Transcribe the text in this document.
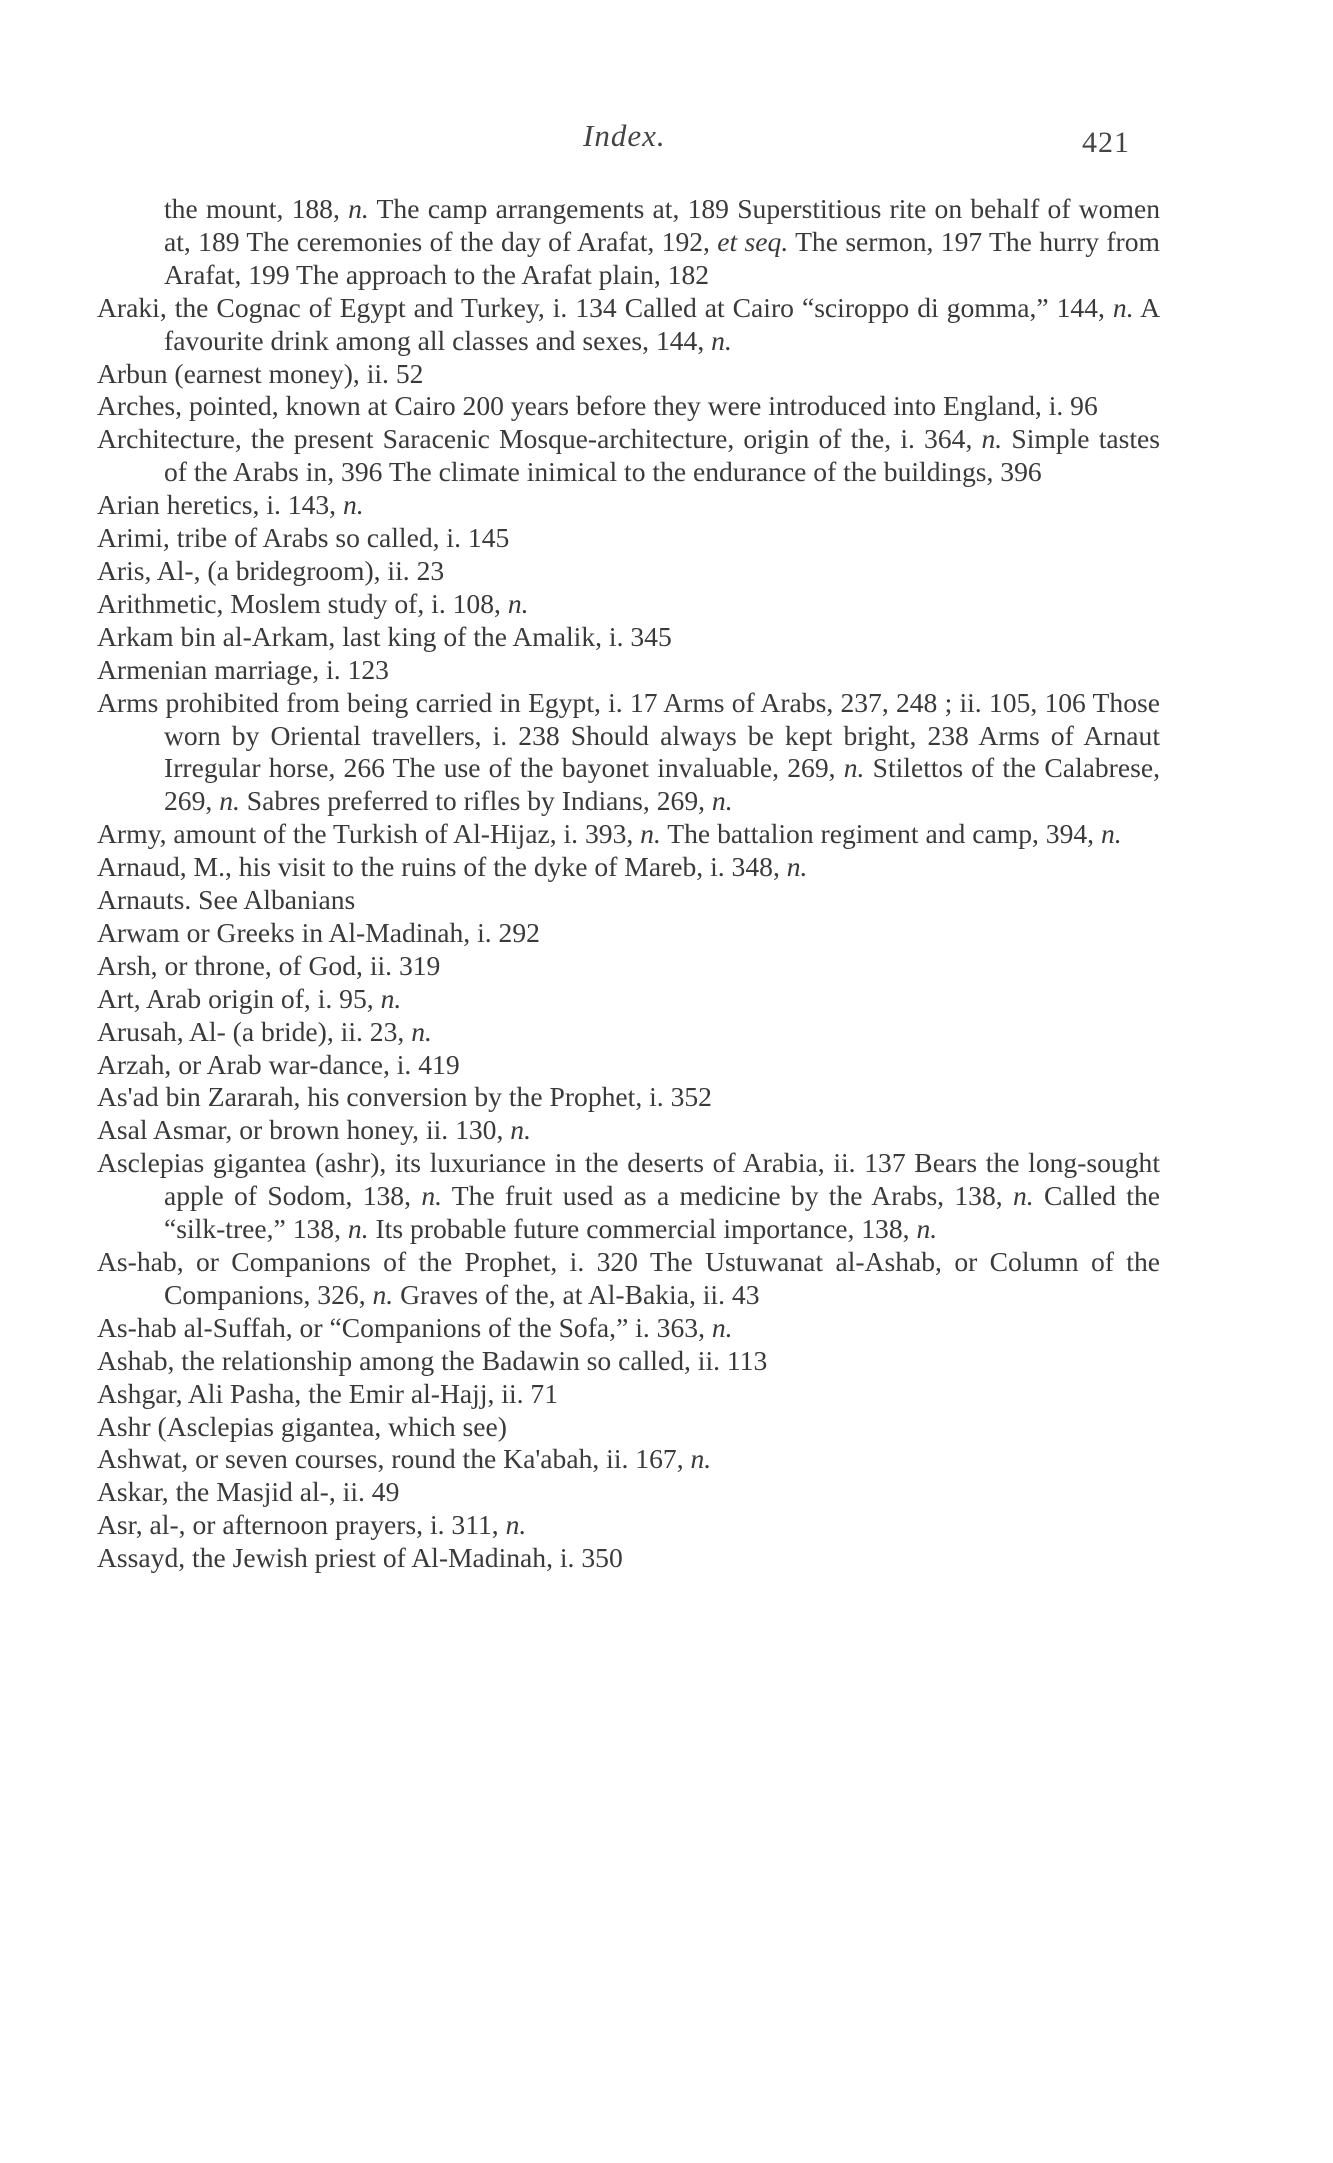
Index.	421
the mount, 188, n. The camp arrangements at, 189 Superstitious rite on behalf of women at, 189 The ceremonies of the day of Arafat, 192, et seq. The sermon, 197 The hurry from Arafat, 199 The approach to the Arafat plain, 182
Araki, the Cognac of Egypt and Turkey, i. 134 Called at Cairo “sciroppo di gomma,” 144, n. A favourite drink among all classes and sexes, 144, n.
Arbun (earnest money), ii. 52
Arches, pointed, known at Cairo 200 years before they were introduced into England, i. 96
Architecture, the present Saracenic Mosque-architecture, origin of the, i. 364, n. Simple tastes of the Arabs in, 396 The climate inimical to the endurance of the buildings, 396
Arian heretics, i. 143, n.
Arimi, tribe of Arabs so called, i. 145
Aris, Al-, (a bridegroom), ii. 23
Arithmetic, Moslem study of, i. 108, n.
Arkam bin al-Arkam, last king of the Amalik, i. 345
Armenian marriage, i. 123
Arms prohibited from being carried in Egypt, i. 17 Arms of Arabs, 237, 248 ; ii. 105, 106 Those worn by Oriental travellers, i. 238 Should always be kept bright, 238 Arms of Arnaut Irregular horse, 266 The use of the bayonet invaluable, 269, n. Stilettos of the Calabrese, 269, n. Sabres preferred to rifles by Indians, 269, n.
Army, amount of the Turkish of Al-Hijaz, i. 393, n. The battalion regiment and camp, 394, n.
Arnaud, M., his visit to the ruins of the dyke of Mareb, i. 348, n.
Arnauts. See Albanians
Arwam or Greeks in Al-Madinah, i. 292
Arsh, or throne, of God, ii. 319
Art, Arab origin of, i. 95, n.
Arusah, Al- (a bride), ii. 23, n.
Arzah, or Arab war-dance, i. 419
As'ad bin Zararah, his conversion by the Prophet, i. 352
Asal Asmar, or brown honey, ii. 130, n.
Asclepias gigantea (ashr), its luxuriance in the deserts of Arabia, ii. 137 Bears the long-sought apple of Sodom, 138, n. The fruit used as a medicine by the Arabs, 138, n. Called the “silk-tree,” 138, n. Its probable future commercial importance, 138, n.
As-hab, or Companions of the Prophet, i. 320 The Ustuwanat al-Ashab, or Column of the Companions, 326, n. Graves of the, at Al-Bakia, ii. 43
As-hab al-Suffah, or “Companions of the Sofa,” i. 363, n.
Ashab, the relationship among the Badawin so called, ii. 113
Ashgar, Ali Pasha, the Emir al-Hajj, ii. 71
Ashr (Asclepias gigantea, which see)
Ashwat, or seven courses, round the Ka'abah, ii. 167, n.
Askar, the Masjid al-, ii. 49
Asr, al-, or afternoon prayers, i. 311, n.
Assayd, the Jewish priest of Al-Madinah, i. 350
